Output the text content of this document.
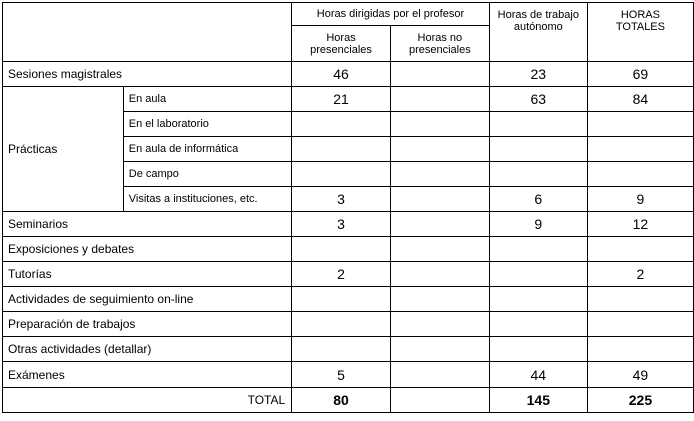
		Horas dirigidas por el profesor		Horas de trabajo autónomo	HORAS TOTALES
		Horas presenciales	Horas no presenciales		
Sesiones magistrales		46		23	69
Prácticas	En aula	21		63	84
	En el laboratorio				
	En aula de informática				
	De campo				
	Visitas a instituciones, etc.	3		6	9
Seminarios		3		9	12
Exposiciones y debates					
Tutorías		2			2
Actividades de seguimiento on-line					
Preparación de trabajos					
Otras actividades (detallar)					
Exámenes		5		44	49
TOTAL		80		145	225
